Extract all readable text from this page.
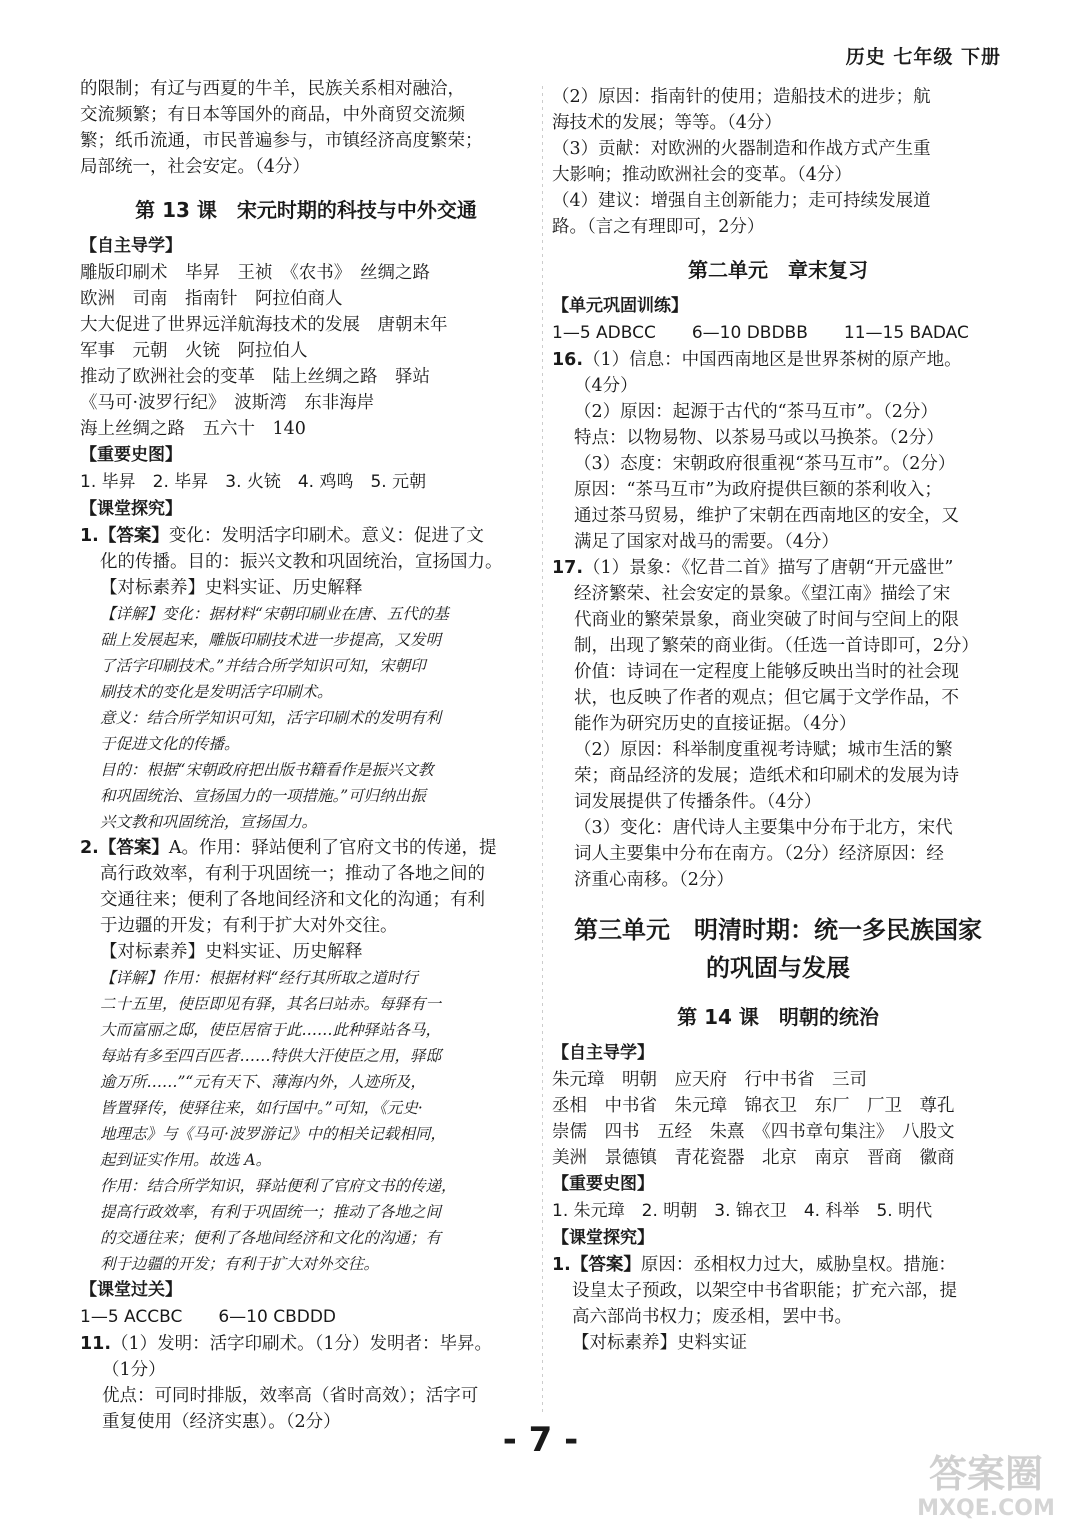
历史 七年级 下册

的限制；有辽与西夏的牛羊，民族关系相对融洽，

交流频繁；有日本等国外的商品，中外商贸交流频

繁；纸币流通，市民普遍参与，市镇经济高度繁荣；

局部统一，社会安定。（4分）

第 13 课　宋元时期的科技与中外交通

【自主导学】

雕版印刷术　毕昇　王祯　《农书》　丝绸之路

欧洲　司南　指南针　阿拉伯商人

大大促进了世界远洋航海技术的发展　唐朝末年

军事　元朝　火铳　阿拉伯人

推动了欧洲社会的变革　陆上丝绸之路　驿站

《马可·波罗行纪》　波斯湾　东非海岸

海上丝绸之路　五六十　140

【重要史图】

1. 毕昇　2. 毕昇　3. 火铳　4. 鸡鸣　5. 元朝

【课堂探究】

1.【答案】变化：发明活字印刷术。意义：促进了文

化的传播。目的：振兴文教和巩固统治，宣扬国力。

【对标素养】史料实证、历史解释

【详解】变化：据材料“宋朝印刷业在唐、五代的基

础上发展起来，雕版印刷技术进一步提高，又发明

了活字印刷技术。”并结合所学知识可知，宋朝印

刷技术的变化是发明活字印刷术。

意义：结合所学知识可知，活字印刷术的发明有利

于促进文化的传播。

目的：根据“宋朝政府把出版书籍看作是振兴文教

和巩固统治、宣扬国力的一项措施。”可归纳出振

兴文教和巩固统治，宣扬国力。

2.【答案】A。作用：驿站便利了官府文书的传递，提

高行政效率，有利于巩固统一；推动了各地之间的

交通往来；便利了各地间经济和文化的沟通；有利

于边疆的开发；有利于扩大对外交往。

【对标素养】史料实证、历史解释

【详解】作用：根据材料“经行其所取之道时行

二十五里，使臣即见有驿，其名曰站赤。每驿有一

大而富丽之邸，使臣居宿于此……此种驿站各马，

每站有多至四百匹者……特供大汗使臣之用，驿邸

逾万所……”“元有天下、薄海内外，人迹所及，

皆置驿传，使驿往来，如行国中。”可知，《元史·

地理志》与《马可·波罗游记》中的相关记载相同，

起到证实作用。故选 A。

作用：结合所学知识，驿站便利了官府文书的传递，

提高行政效率，有利于巩固统一；推动了各地之间

的交通往来；便利了各地间经济和文化的沟通；有

利于边疆的开发；有利于扩大对外交往。

【课堂过关】

1—5 ACCBC 6—10 CBDDD

11.（1）发明：活字印刷术。（1分）发明者：毕昇。

（1分）

优点：可同时排版，效率高（省时高效）；活字可

重复使用（经济实惠）。（2分）

（2）原因：指南针的使用；造船技术的进步；航

海技术的发展；等等。（4分）

（3）贡献：对欧洲的火器制造和作战方式产生重

大影响；推动欧洲社会的变革。（4分）

（4）建议：增强自主创新能力；走可持续发展道

路。（言之有理即可，2分）

第二单元　章末复习

【单元巩固训练】

1—5 ADBCC 6—10 DBDBB 11—15 BADAC

16.（1）信息：中国西南地区是世界茶树的原产地。

（4分）

（2）原因：起源于古代的“茶马互市”。（2分）

特点：以物易物、以茶易马或以马换茶。（2分）

（3）态度：宋朝政府很重视“茶马互市”。（2分）

原因：“茶马互市”为政府提供巨额的茶利收入；

通过茶马贸易，维护了宋朝在西南地区的安全，又

满足了国家对战马的需要。（4分）

17.（1）景象：《忆昔二首》描写了唐朝“开元盛世”

经济繁荣、社会安定的景象。《望江南》描绘了宋

代商业的繁荣景象，商业突破了时间与空间上的限

制，出现了繁荣的商业街。（任选一首诗即可，2分）

价值：诗词在一定程度上能够反映出当时的社会现

状，也反映了作者的观点；但它属于文学作品，不

能作为研究历史的直接证据。（4分）

（2）原因：科举制度重视考诗赋；城市生活的繁

荣；商品经济的发展；造纸术和印刷术的发展为诗

词发展提供了传播条件。（4分）

（3）变化：唐代诗人主要集中分布于北方，宋代

词人主要集中分布在南方。（2分）经济原因：经

济重心南移。（2分）

第三单元　明清时期：统一多民族国家

的巩固与发展

第 14 课　明朝的统治

【自主导学】

朱元璋　明朝　应天府　行中书省　三司

丞相　中书省　朱元璋　锦衣卫　东厂　厂卫　尊孔

崇儒　四书　五经　朱熹　《四书章句集注》　八股文

美洲　景德镇　青花瓷器　北京　南京　晋商　徽商

【重要史图】

1. 朱元璋　2. 明朝　3. 锦衣卫　4. 科举　5. 明代

【课堂探究】

1.【答案】原因：丞相权力过大，威胁皇权。措施：

设皇太子预政，以架空中书省职能；扩充六部，提

高六部尚书权力；废丞相，罢中书。

【对标素养】史料实证

- 7 -
答案圈
MXQE.COM
